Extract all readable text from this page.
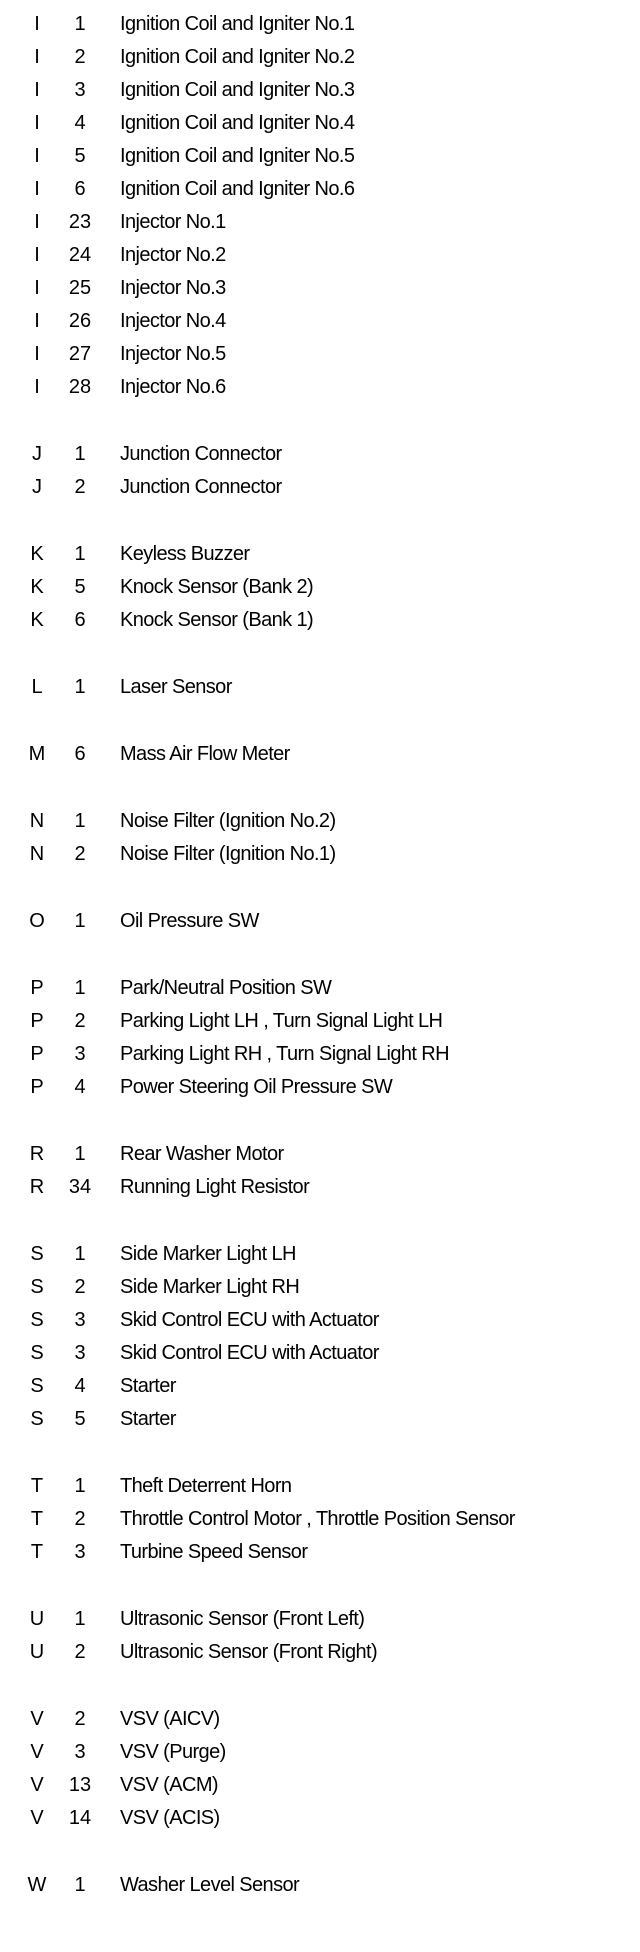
I	1	Ignition Coil and Igniter No.1
I	2	Ignition Coil and Igniter No.2
I	3	Ignition Coil and Igniter No.3
I	4	Ignition Coil and Igniter No.4
I	5	Ignition Coil and Igniter No.5
I	6	Ignition Coil and Igniter No.6
I	23	Injector No.1
I	24	Injector No.2
I	25	Injector No.3
I	26	Injector No.4
I	27	Injector No.5
I	28	Injector No.6
J	1	Junction Connector
J	2	Junction Connector
K	1	Keyless Buzzer
K	5	Knock Sensor (Bank 2)
K	6	Knock Sensor (Bank 1)
L	1	Laser Sensor
M	6	Mass Air Flow Meter
N	1	Noise Filter (Ignition No.2)
N	2	Noise Filter (Ignition No.1)
O	1	Oil Pressure SW
P	1	Park/Neutral Position SW
P	2	Parking Light LH , Turn Signal Light LH
P	3	Parking Light RH , Turn Signal Light RH
P	4	Power Steering Oil Pressure SW
R	1	Rear Washer Motor
R	34	Running Light Resistor
S	1	Side Marker Light LH
S	2	Side Marker Light RH
S	3	Skid Control ECU with Actuator
S	3	Skid Control ECU with Actuator
S	4	Starter
S	5	Starter
T	1	Theft Deterrent Horn
T	2	Throttle Control Motor , Throttle Position Sensor
T	3	Turbine Speed Sensor
U	1	Ultrasonic Sensor (Front Left)
U	2	Ultrasonic Sensor (Front Right)
V	2	VSV (AICV)
V	3	VSV (Purge)
V	13	VSV (ACM)
V	14	VSV (ACIS)
W	1	Washer Level Sensor
